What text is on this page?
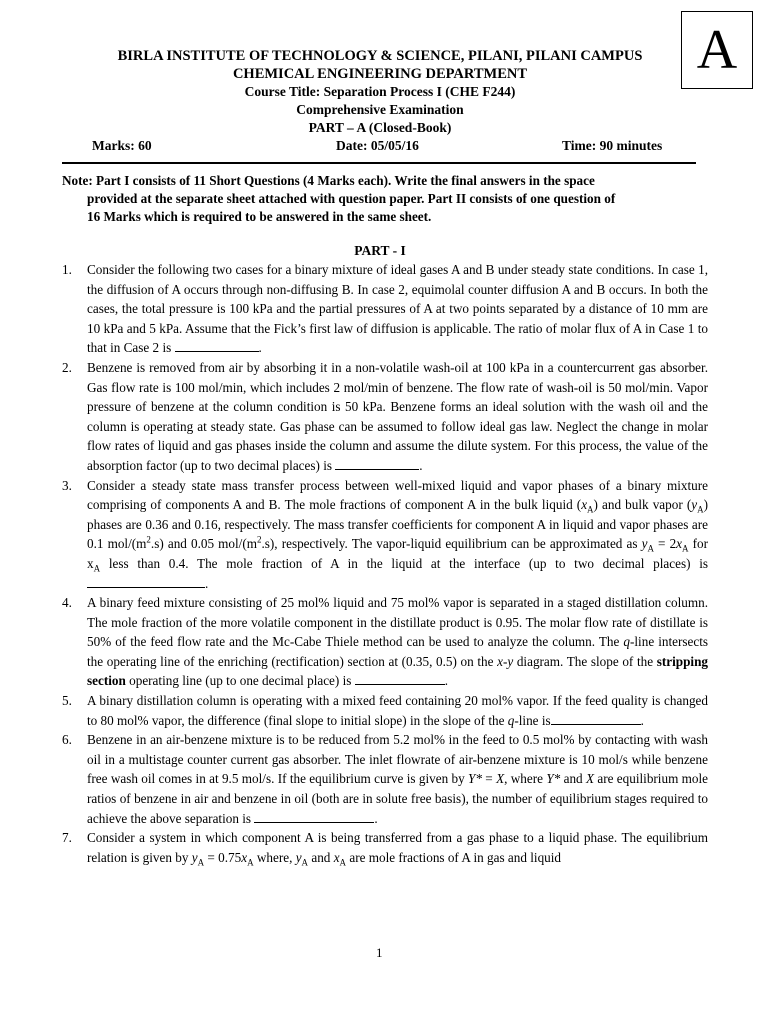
A
BIRLA INSTITUTE OF TECHNOLOGY & SCIENCE, PILANI, PILANI CAMPUS
CHEMICAL ENGINEERING DEPARTMENT
Course Title: Separation Process I (CHE F244)
Comprehensive Examination
PART – A (Closed-Book)
Marks: 60	Date: 05/05/16	Time: 90 minutes
Note: Part I consists of 11 Short Questions (4 Marks each). Write the final answers in the space
provided at the separate sheet attached with question paper. Part II consists of one question of
16 Marks which is required to be answered in the same sheet.
PART - I
1. Consider the following two cases for a binary mixture of ideal gases A and B under steady state conditions. In case 1, the diffusion of A occurs through non-diffusing B. In case 2, equimolal counter diffusion A and B occurs. In both the cases, the total pressure is 100 kPa and the partial pressures of A at two points separated by a distance of 10 mm are 10 kPa and 5 kPa. Assume that the Fick’s first law of diffusion is applicable. The ratio of molar flux of A in Case 1 to that in Case 2 is	.
2. Benzene is removed from air by absorbing it in a non-volatile wash-oil at 100 kPa in a countercurrent gas absorber. Gas flow rate is 100 mol/min, which includes 2 mol/min of benzene. The flow rate of wash-oil is 50 mol/min. Vapor pressure of benzene at the column condition is 50 kPa. Benzene forms an ideal solution with the wash oil and the column is operating at steady state. Gas phase can be assumed to follow ideal gas law. Neglect the change in molar flow rates of liquid and gas phases inside the column and assume the dilute system. For this process, the value of the absorption factor (up to two decimal places) is	.
3. Consider a steady state mass transfer process between well-mixed liquid and vapor phases of a binary mixture comprising of components A and B. The mole fractions of component A in the bulk liquid $(x_A)$ and bulk vapor $(y_A)$ phases are 0.36 and 0.16, respectively. The mass transfer coefficients for component A in liquid and vapor phases are 0.1 mol/$(m^2.s)$ and 0.05 mol/$(m^2.s)$, respectively. The vapor-liquid equilibrium can be approximated as $y_A = 2x_A$ for $x_A$ less than 0.4. The mole fraction of A in the liquid at the interface (up to two decimal places) is .
4. A binary feed mixture consisting of 25 mol% liquid and 75 mol% vapor is separated in a staged distillation column. The mole fraction of the more volatile component in the distillate product is 0.95. The molar flow rate of distillate is 50% of the feed flow rate and the Mc-Cabe Thiele method can be used to analyze the column. The q-line intersects the operating line of the enriching (rectification) section at (0.35, 0.5) on the x-y diagram. The slope of the stripping section operating line (up to one decimal place) is	.
5. A binary distillation column is operating with a mixed feed containing 20 mol% vapor. If the feed quality is changed to 80 mol% vapor, the difference (final slope to initial slope) in the slope of the q-line is	.
6. Benzene in an air-benzene mixture is to be reduced from 5.2 mol% in the feed to 0.5 mol% by contacting with wash oil in a multistage counter current gas absorber. The inlet flowrate of air-benzene mixture is 10 mol/s while benzene free wash oil comes in at 9.5 mol/s. If the equilibrium curve is given by Y* = X, where Y* and X are equilibrium mole ratios of benzene in air and benzene in oil (both are in solute free basis), the number of equilibrium stages required to achieve the above separation is	.
7. Consider a system in which component A is being transferred from a gas phase to a liquid phase. The equilibrium relation is given by $y_A = 0.75x_A$ where, $y_A$ and $x_A$ are mole fractions of A in gas and liquid
1
